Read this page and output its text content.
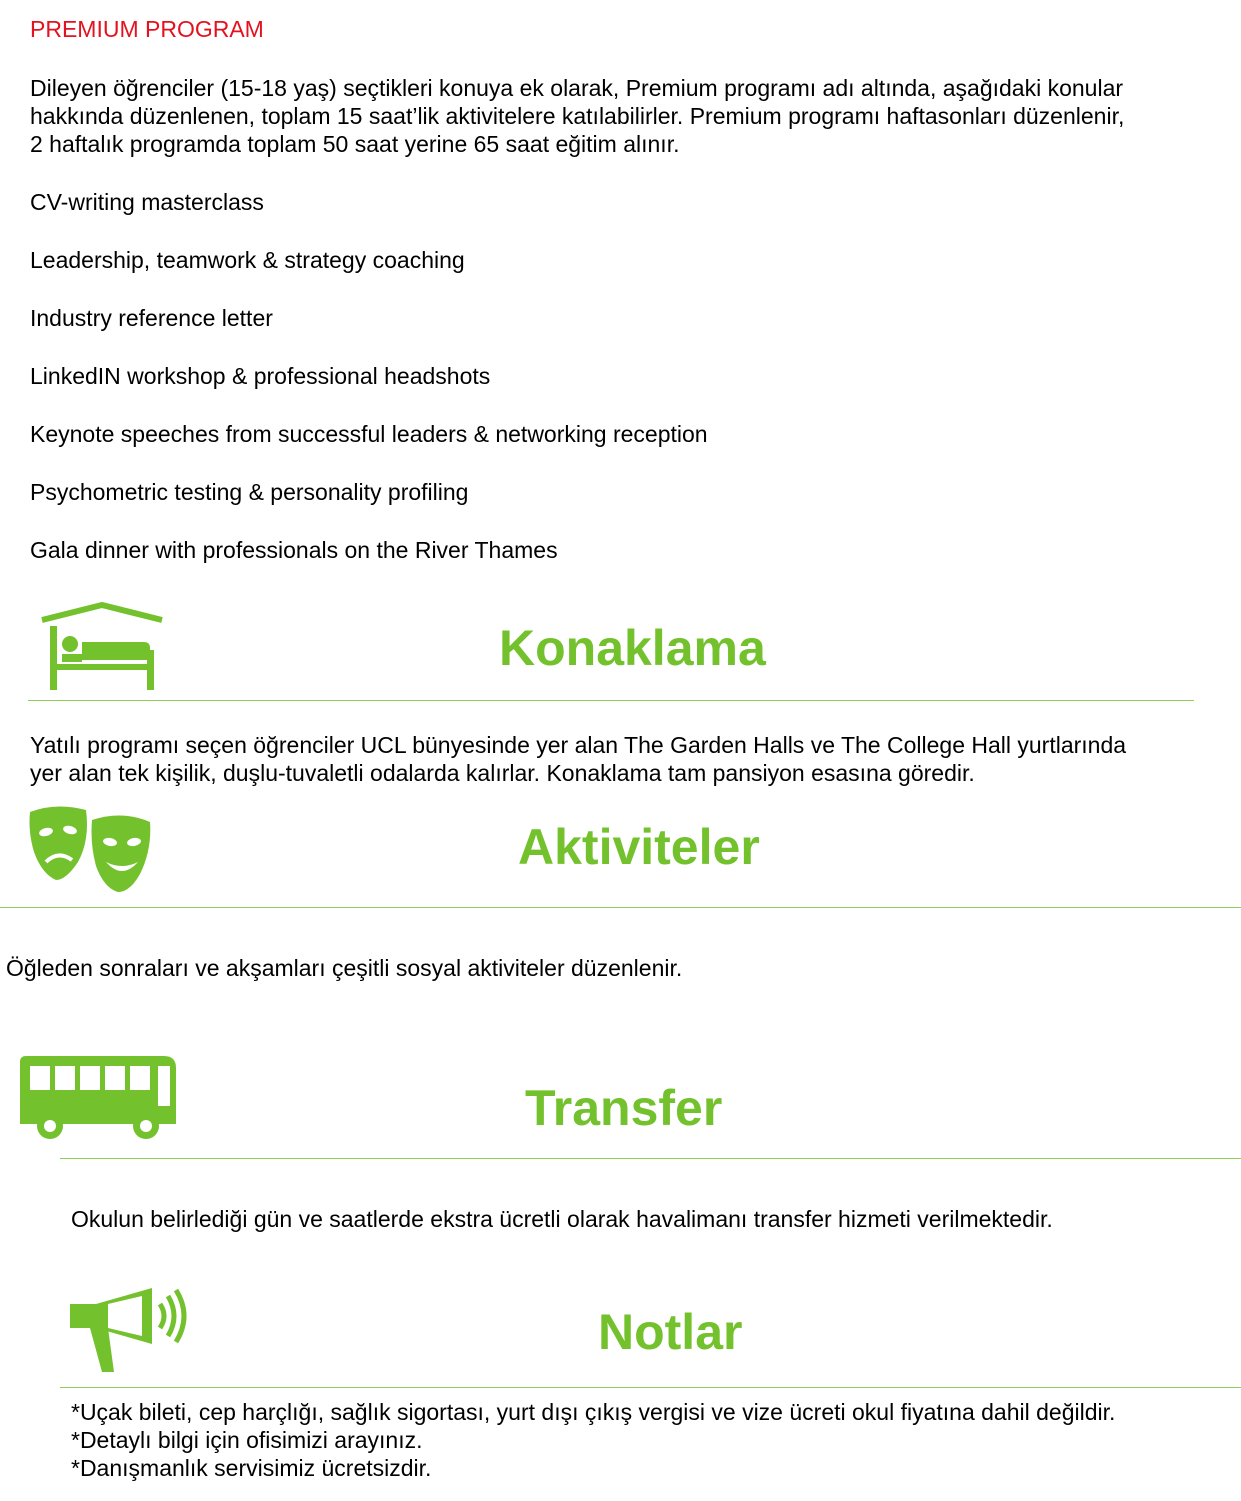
PREMIUM PROGRAM
Dileyen öğrenciler (15-18 yaş) seçtikleri konuya ek olarak, Premium programı adı altında, aşağıdaki konular
hakkında düzenlenen, toplam 15 saat’lik aktivitelere katılabilirler. Premium programı haftasonları düzenlenir,
2 haftalık programda toplam 50 saat yerine 65 saat eğitim alınır.
CV-writing masterclass
Leadership, teamwork & strategy coaching
Industry reference letter
LinkedIN workshop & professional headshots
Keynote speeches from successful leaders & networking reception
Psychometric testing & personality profiling
Gala dinner with professionals on the River Thames
Konaklama
Yatılı programı seçen öğrenciler UCL bünyesinde yer alan The Garden Halls ve The College Hall yurtlarında
yer alan tek kişilik, duşlu-tuvaletli odalarda kalırlar. Konaklama tam pansiyon esasına göredir.
Aktiviteler
Öğleden sonraları ve akşamları çeşitli sosyal aktiviteler düzenlenir.
Transfer
Okulun belirlediği gün ve saatlerde ekstra ücretli olarak havalimanı transfer hizmeti verilmektedir.
Notlar
*Uçak bileti, cep harçlığı, sağlık sigortası, yurt dışı çıkış vergisi ve vize ücreti okul fiyatına dahil değildir.
*Detaylı bilgi için ofisimizi arayınız.
*Danışmanlık servisimiz ücretsizdir.
